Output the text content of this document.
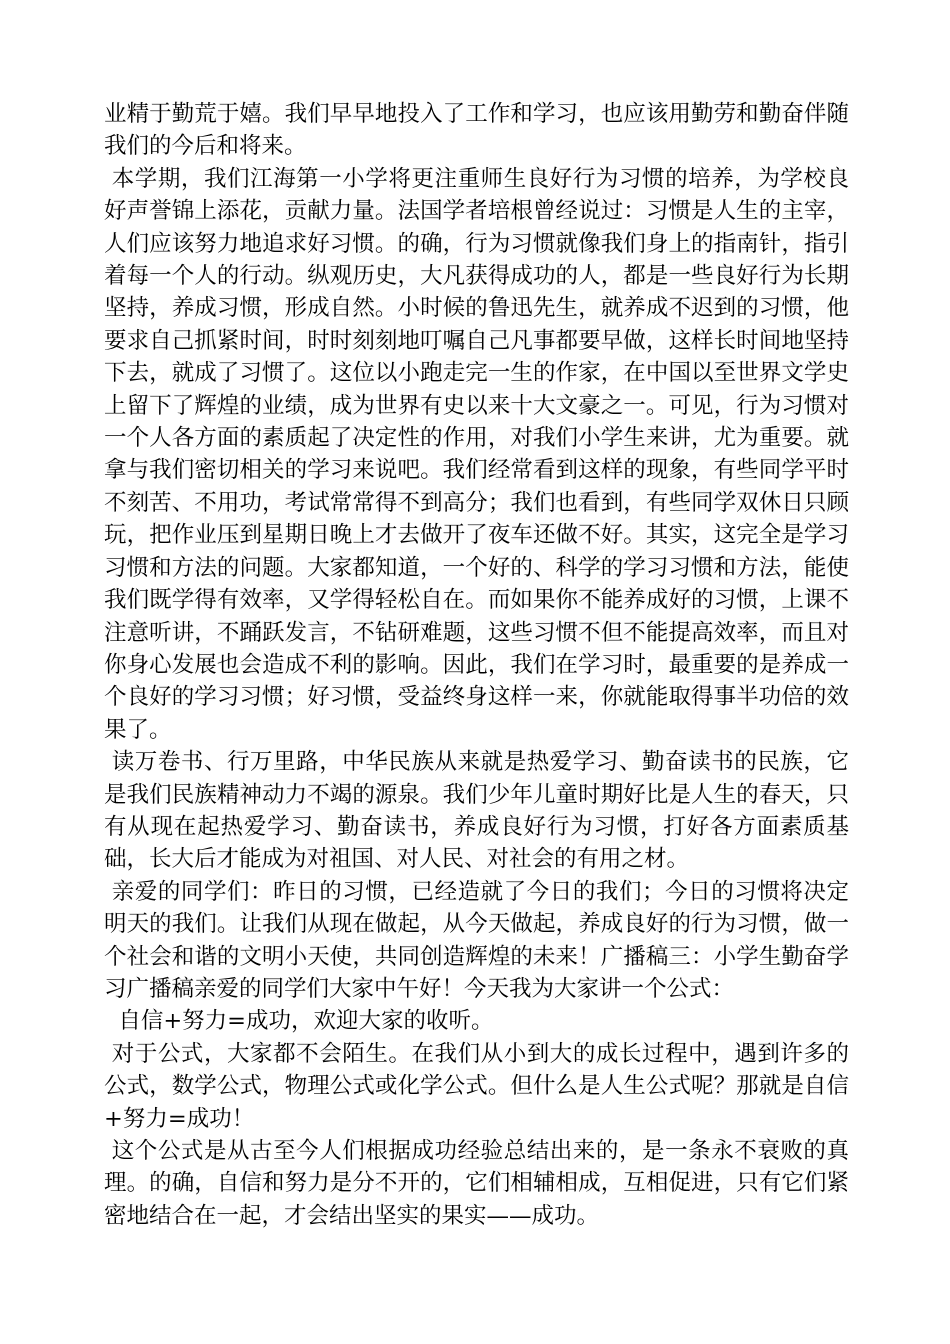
业精于勤荒于嬉。我们早早地投入了工作和学习，也应该用勤劳和勤奋伴随我们的今后和将来。

本学期，我们江海第一小学将更注重师生良好行为习惯的培养，为学校良好声誉锦上添花，贡献力量。法国学者培根曾经说过：习惯是人生的主宰，人们应该努力地追求好习惯。的确，行为习惯就像我们身上的指南针，指引着每一个人的行动。纵观历史，大凡获得成功的人，都是一些良好行为长期坚持，养成习惯，形成自然。小时候的鲁迅先生，就养成不迟到的习惯，他要求自己抓紧时间，时时刻刻地叮嘱自己凡事都要早做，这样长时间地坚持下去，就成了习惯了。这位以小跑走完一生的作家，在中国以至世界文学史上留下了辉煌的业绩，成为世界有史以来十大文豪之一。可见，行为习惯对一个人各方面的素质起了决定性的作用，对我们小学生来讲，尤为重要。就拿与我们密切相关的学习来说吧。我们经常看到这样的现象，有些同学平时不刻苦、不用功，考试常常得不到高分；我们也看到，有些同学双休日只顾玩，把作业压到星期日晚上才去做开了夜车还做不好。其实，这完全是学习习惯和方法的问题。大家都知道，一个好的、科学的学习习惯和方法，能使我们既学得有效率，又学得轻松自在。而如果你不能养成好的习惯，上课不注意听讲，不踊跃发言，不钻研难题，这些习惯不但不能提高效率，而且对你身心发展也会造成不利的影响。因此，我们在学习时，最重要的是养成一个良好的学习习惯；好习惯，受益终身这样一来，你就能取得事半功倍的效果了。

读万卷书、行万里路，中华民族从来就是热爱学习、勤奋读书的民族，它是我们民族精神动力不竭的源泉。我们少年儿童时期好比是人生的春天，只有从现在起热爱学习、勤奋读书，养成良好行为习惯，打好各方面素质基础，长大后才能成为对祖国、对人民、对社会的有用之材。

亲爱的同学们：昨日的习惯，已经造就了今日的我们；今日的习惯将决定明天的我们。让我们从现在做起，从今天做起，养成良好的行为习惯，做一个社会和谐的文明小天使，共同创造辉煌的未来！广播稿三：小学生勤奋学习广播稿亲爱的同学们大家中午好！今天我为大家讲一个公式：

自信+努力=成功，欢迎大家的收听。

对于公式，大家都不会陌生。在我们从小到大的成长过程中，遇到许多的公式，数学公式，物理公式或化学公式。但什么是人生公式呢？那就是自信+努力=成功！

这个公式是从古至今人们根据成功经验总结出来的，是一条永不衰败的真理。的确，自信和努力是分不开的，它们相辅相成，互相促进，只有它们紧密地结合在一起，才会结出坚实的果实——成功。
